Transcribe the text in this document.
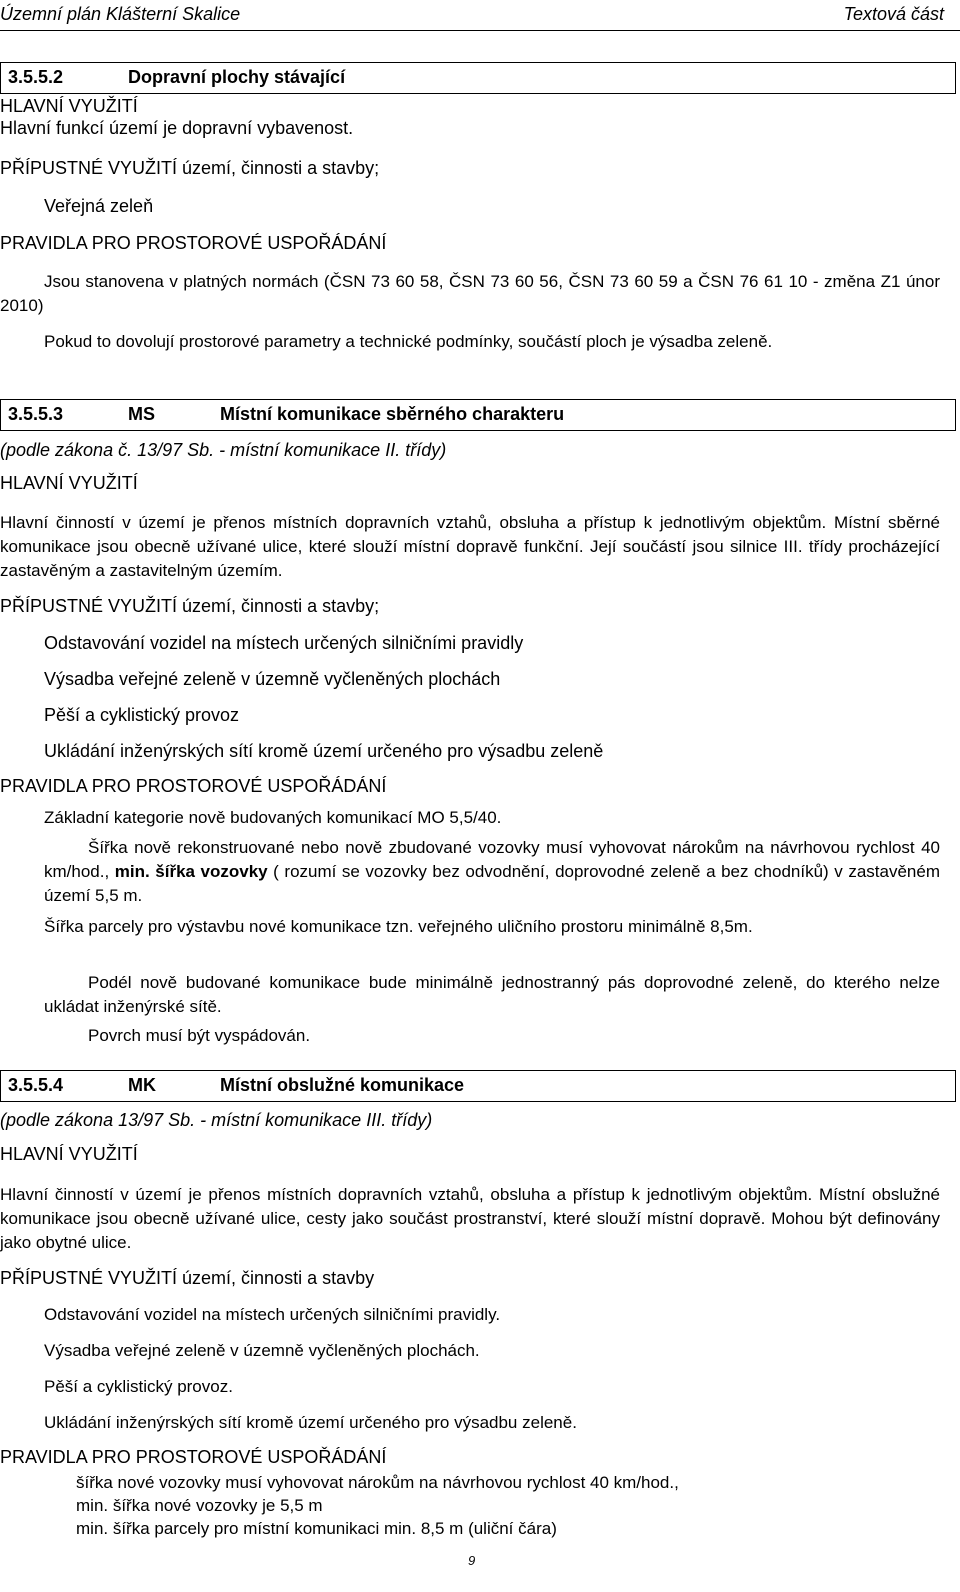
Územní plán Klášterní Skalice	Textová část
3.5.5.2	Dopravní plochy stávající
HLAVNÍ VYUŽITÍ
Hlavní funkcí území je dopravní vybavenost.
PŘÍPUSTNÉ VYUŽITÍ území, činnosti a stavby;
Veřejná zeleň
PRAVIDLA PRO PROSTOROVÉ USPOŘÁDÁNÍ
Jsou stanovena v platných normách (ČSN 73 60 58, ČSN 73 60 56, ČSN 73 60 59 a ČSN 76 61 10 - změna Z1 únor 2010)
Pokud to dovolují prostorové parametry a technické podmínky, součástí ploch je výsadba zeleně.
3.5.5.3	MS	Místní komunikace sběrného charakteru
(podle zákona č. 13/97 Sb. - místní komunikace II. třídy)
HLAVNÍ VYUŽITÍ
Hlavní činností v území je přenos místních dopravních vztahů, obsluha a přístup k jednotlivým objektům. Místní sběrné komunikace jsou obecně užívané ulice, které slouží místní dopravě funkční. Její součástí jsou silnice III. třídy procházející zastavěným a zastavitelným územím.
PŘÍPUSTNÉ VYUŽITÍ území, činnosti a stavby;
Odstavování vozidel na místech určených silničními pravidly
Výsadba veřejné zeleně v územně vyčleněných plochách
Pěší a cyklistický provoz
Ukládání inženýrských sítí kromě území určeného pro výsadbu zeleně
PRAVIDLA PRO PROSTOROVÉ USPOŘÁDÁNÍ
Základní kategorie nově budovaných komunikací MO 5,5/40.
Šířka nově rekonstruované nebo nově zbudované vozovky musí vyhovovat nárokům na návrhovou rychlost 40 km/hod., min. šířka vozovky ( rozumí se vozovky bez odvodnění, doprovodné zeleně a bez chodníků) v zastavěném území 5,5 m.
Šířka parcely pro výstavbu nové komunikace tzn. veřejného uličního prostoru minimálně 8,5m.
Podél nově budované komunikace bude minimálně jednostranný pás doprovodné zeleně, do kterého nelze ukládat inženýrské sítě.
Povrch musí být vyspádován.
3.5.5.4	MK	Místní obslužné komunikace
(podle zákona 13/97 Sb. - místní komunikace III. třídy)
HLAVNÍ VYUŽITÍ
Hlavní činností v území je přenos místních dopravních vztahů, obsluha a přístup k jednotlivým objektům. Místní obslužné komunikace jsou obecně užívané ulice, cesty jako součást prostranství, které slouží místní dopravě. Mohou být definovány jako obytné ulice.
PŘÍPUSTNÉ VYUŽITÍ území, činnosti a stavby
Odstavování vozidel na místech určených silničními pravidly.
Výsadba veřejné zeleně v územně vyčleněných plochách.
Pěší a cyklistický provoz.
Ukládání inženýrských sítí kromě území určeného pro výsadbu zeleně.
PRAVIDLA PRO PROSTOROVÉ USPOŘÁDÁNÍ
šířka nové vozovky musí vyhovovat nárokům na návrhovou rychlost 40 km/hod.,
min. šířka nové vozovky je 5,5 m
min. šířka parcely pro místní komunikaci min. 8,5 m (uliční čára)
9
